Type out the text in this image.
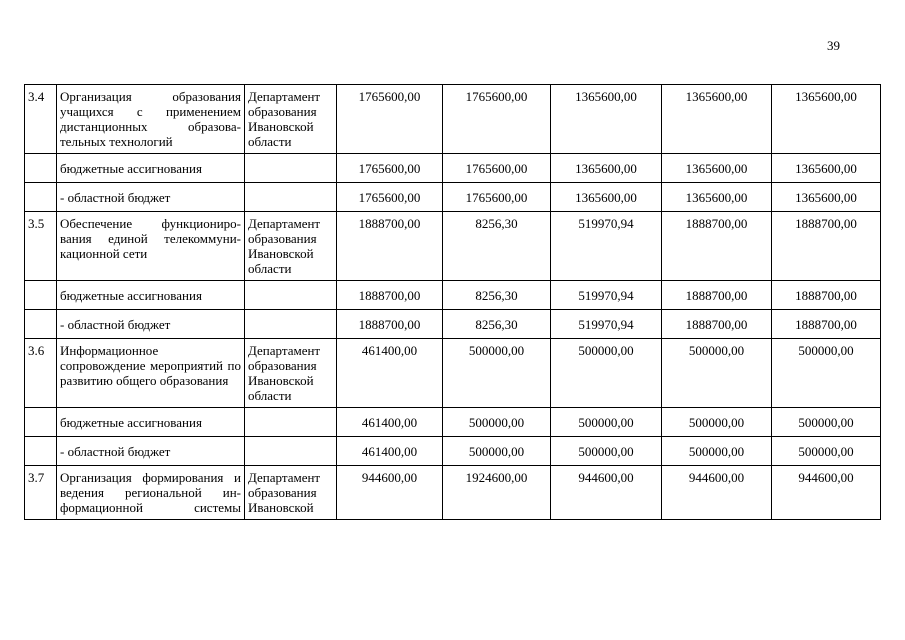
39
3.4	Организация образования учащихся с применением дистанционных образова-тельных технологий	Департамент образования Ивановской области	1765600,00	1765600,00	1365600,00	1365600,00	1365600,00
	бюджетные ассигнования		1765600,00	1765600,00	1365600,00	1365600,00	1365600,00
	- областной бюджет		1765600,00	1765600,00	1365600,00	1365600,00	1365600,00
3.5	Обеспечение функциониро-вания единой телекоммуни-кационной сети	Департамент образования Ивановской области	1888700,00	8256,30	519970,94	1888700,00	1888700,00
	бюджетные ассигнования		1888700,00	8256,30	519970,94	1888700,00	1888700,00
	- областной бюджет		1888700,00	8256,30	519970,94	1888700,00	1888700,00
3.6	Информационное сопровождение мероприятий по развитию общего образования	Департамент образования Ивановской области	461400,00	500000,00	500000,00	500000,00	500000,00
	бюджетные ассигнования		461400,00	500000,00	500000,00	500000,00	500000,00
	- областной бюджет		461400,00	500000,00	500000,00	500000,00	500000,00
3.7	Организация формирования и ведения региональной ин-формационной системы	Департамент образования Ивановской	944600,00	1924600,00	944600,00	944600,00	944600,00
